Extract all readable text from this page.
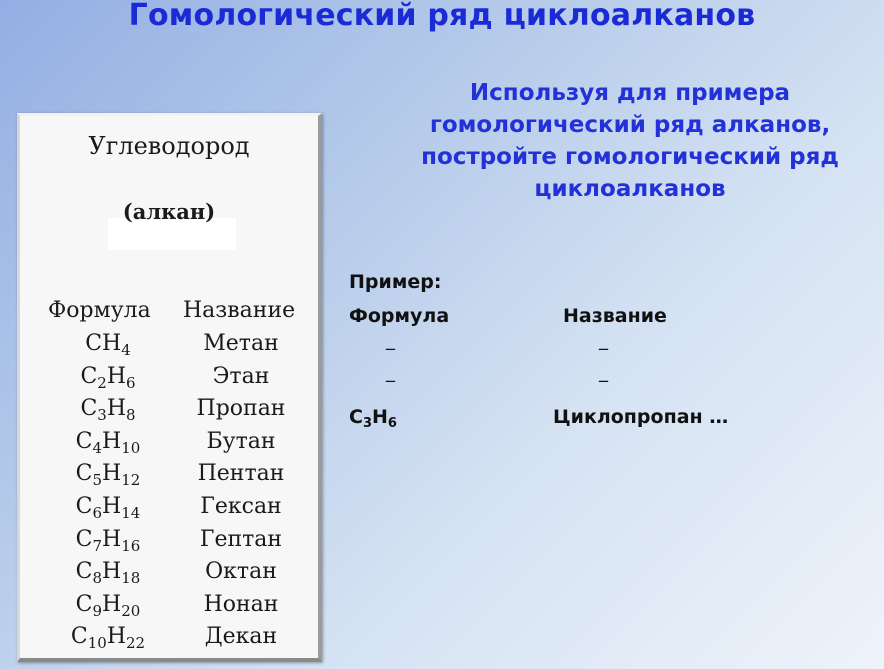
Гомологический ряд циклоалканов
Используя для примера
гомологический ряд алканов,
постройте гомологический ряд
циклоалканов
Углеводород
(алкан)
Формула Название
$CH_4$	Метан
$C_2H_6$	Этан
$C_3H_8$	Пропан
$C_4H_{10}$	Бутан
$C_5H_{12}$	Пентан
$C_6H_{14}$	Гексан
$C_7H_{16}$	Гептан
$C_8H_{18}$	Октан
$C_9H_{20}$	Нонан
$C_{10}H_{22}$	Декан
Пример:
Формула	Название
_	_
_	_
$C_3H_6$	Циклопропан …
